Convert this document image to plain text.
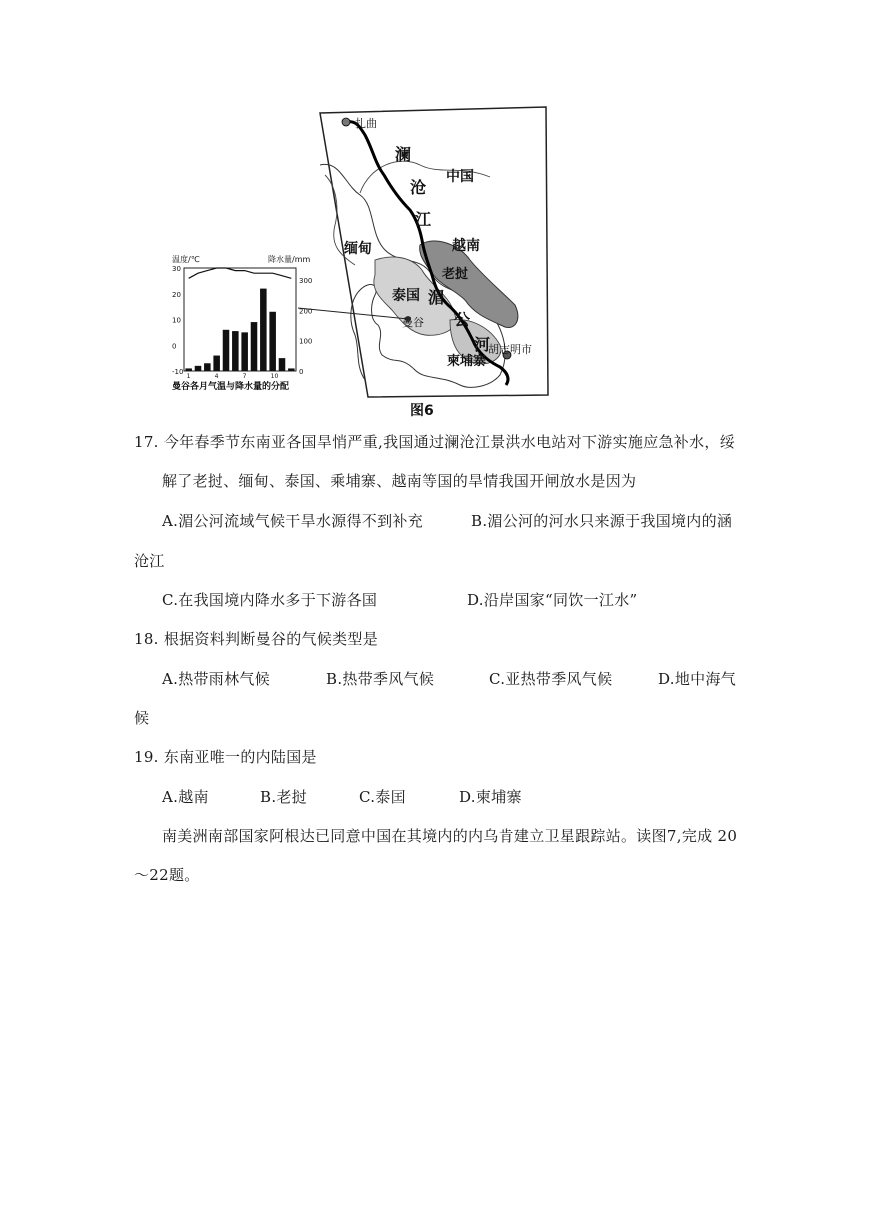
扎曲
澜
沧
江
中国
缅甸	越南
老挝
泰国 湄
公
河
曼谷
柬埔寨
胡志明市
温度/℃	降水量/mm
30
20
10
0
-10
300
200
100
0
1	4	7	10
曼谷各月气温与降水量的分配
图6
17. 今年春季节东南亚各国旱悄严重,我国通过澜沧江景洪水电站对下游实施应急补水，绥
解了老挝、缅甸、泰国、乘埔寨、越南等国的旱情我国开闸放水是因为
A.湄公河流域气候干旱水源得不到补充	B.湄公河的河水只来源于我国境内的涵
沧江
C.在我国境内降水多于下游各国	D.沿岸国家“同饮一江水”
18. 根据资料判断曼谷的气候类型是
A.热带雨林气候	B.热带季风气候	C.亚热带季风气候	D.地中海气
候
19. 东南亚唯一的内陆国是
A.越南	B.老挝	C.泰囯	D.柬埔寨
南美洲南部国家阿根达已同意中国在其境内的内乌肯建立卫星跟踪站。读图7,完成 20
～22题。
